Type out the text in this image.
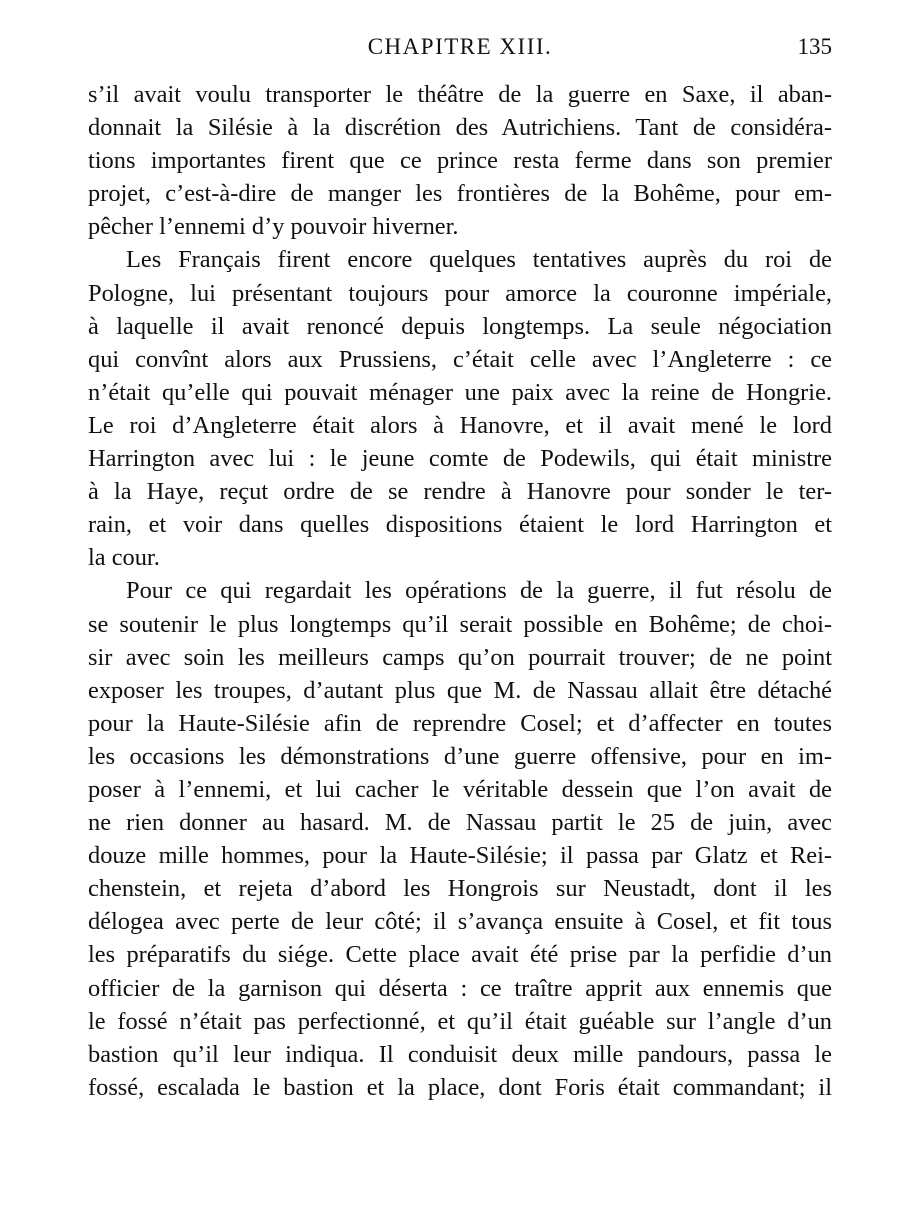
CHAPITRE XIII.	135
s’il avait voulu transporter le théâtre de la guerre en Saxe, il aban-
donnait la Silésie à la discrétion des Autrichiens. Tant de considéra-
tions importantes firent que ce prince resta ferme dans son premier
projet, c’est-à-dire de manger les frontières de la Bohême, pour em-
pêcher l’ennemi d’y pouvoir hiverner.
Les Français firent encore quelques tentatives auprès du roi de
Pologne, lui présentant toujours pour amorce la couronne impériale,
à laquelle il avait renoncé depuis longtemps. La seule négociation
qui convînt alors aux Prussiens, c’était celle avec l’Angleterre : ce
n’était qu’elle qui pouvait ménager une paix avec la reine de Hongrie.
Le roi d’Angleterre était alors à Hanovre, et il avait mené le lord
Harrington avec lui : le jeune comte de Podewils, qui était ministre
à la Haye, reçut ordre de se rendre à Hanovre pour sonder le ter-
rain, et voir dans quelles dispositions étaient le lord Harrington et
la cour.
Pour ce qui regardait les opérations de la guerre, il fut résolu de
se soutenir le plus longtemps qu’il serait possible en Bohême; de choi-
sir avec soin les meilleurs camps qu’on pourrait trouver; de ne point
exposer les troupes, d’autant plus que M. de Nassau allait être détaché
pour la Haute-Silésie afin de reprendre Cosel; et d’affecter en toutes
les occasions les démonstrations d’une guerre offensive, pour en im-
poser à l’ennemi, et lui cacher le véritable dessein que l’on avait de
ne rien donner au hasard. M. de Nassau partit le 25 de juin, avec
douze mille hommes, pour la Haute-Silésie; il passa par Glatz et Rei-
chenstein, et rejeta d’abord les Hongrois sur Neustadt, dont il les
délogea avec perte de leur côté; il s’avança ensuite à Cosel, et fit tous
les préparatifs du siége. Cette place avait été prise par la perfidie d’un
officier de la garnison qui déserta : ce traître apprit aux ennemis que
le fossé n’était pas perfectionné, et qu’il était guéable sur l’angle d’un
bastion qu’il leur indiqua. Il conduisit deux mille pandours, passa le
fossé, escalada le bastion et la place, dont Foris était commandant; il
